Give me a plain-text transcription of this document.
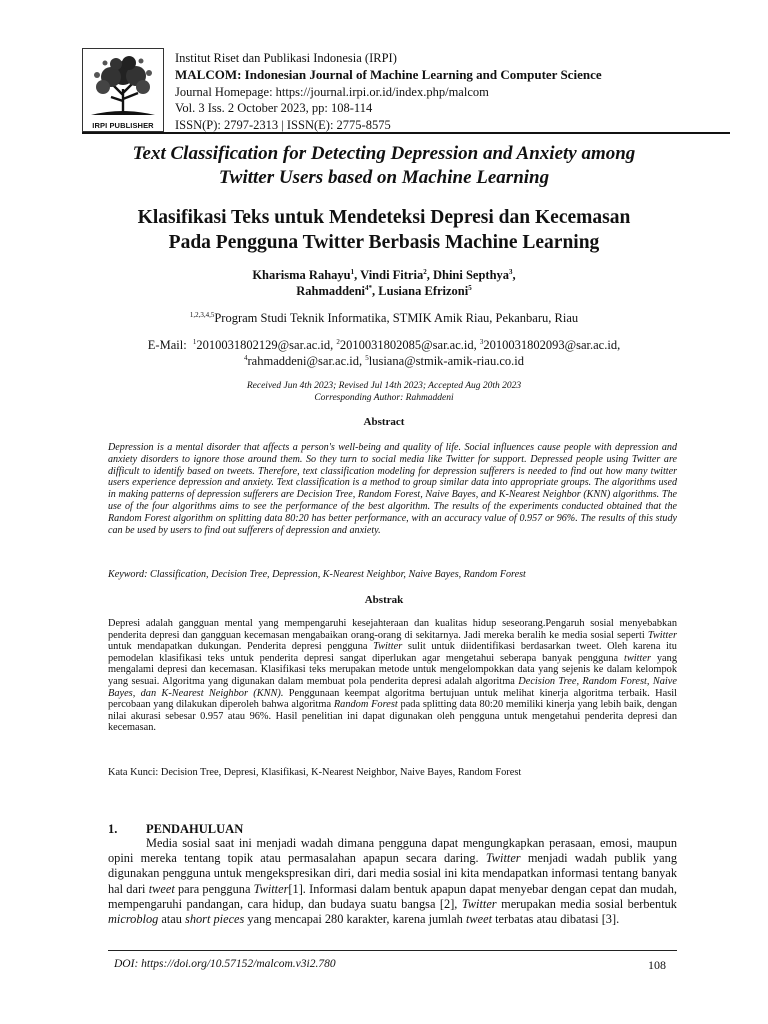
IRPI PUBLISHER
Institut Riset dan Publikasi Indonesia (IRPI)
MALCOM: Indonesian Journal of Machine Learning and Computer Science
Journal Homepage: https://journal.irpi.or.id/index.php/malcom
Vol. 3 Iss. 2 October 2023, pp: 108-114
ISSN(P): 2797-2313 | ISSN(E): 2775-8575
Text Classification for Detecting Depression and Anxiety among
Twitter Users based on Machine Learning
Klasifikasi Teks untuk Mendeteksi Depresi dan Kecemasan
Pada Pengguna Twitter Berbasis Machine Learning
Kharisma Rahayu$^1$, Vindi Fitria$^2$, Dhini Septhya$^3$,
Rahmaddeni$^{4*}$, Lusiana Efrizoni$^5$
$^{1,2,3,4,5}$Program Studi Teknik Informatika, STMIK Amik Riau, Pekanbaru, Riau
E-Mail: $^1$2010031802129@sar.ac.id, $^2$2010031802085@sar.ac.id, $^3$2010031802093@sar.ac.id,
$^4$rahmaddeni@sar.ac.id, $^5$lusiana@stmik-amik-riau.co.id
Received Jun 4th 2023; Revised Jul 14th 2023; Accepted Aug 20th 2023
Corresponding Author: Rahmaddeni
Abstract
Depression is a mental disorder that affects a person's well-being and quality of life. Social influences cause people with depression and anxiety disorders to ignore those around them. So they turn to social media like Twitter for support. Depressed people using Twitter are difficult to identify based on tweets. Therefore, text classification modeling for depression sufferers is needed to find out how many twitter users experience depression and anxiety. Text classification is a method to group similar data into appropriate groups. The algorithms used in making patterns of depression sufferers are Decision Tree, Random Forest, Naive Bayes, and K-Nearest Neighbor (KNN) algorithms. The use of the four algorithms aims to see the performance of the best algorithm. The results of the experiments conducted obtained that the Random Forest algorithm on splitting data 80:20 has better performance, with an accuracy value of 0.957 or 96%. The results of this study can be used by users to find out sufferers of depression and anxiety.
Keyword: Classification, Decision Tree, Depression, K-Nearest Neighbor, Naive Bayes, Random Forest
Abstrak
Depresi adalah gangguan mental yang mempengaruhi kesejahteraan dan kualitas hidup seseorang.Pengaruh sosial menyebabkan penderita depresi dan gangguan kecemasan mengabaikan orang-orang di sekitarnya. Jadi mereka beralih ke media sosial seperti Twitter untuk mendapatkan dukungan. Penderita depresi pengguna Twitter sulit untuk diidentifikasi berdasarkan tweet. Oleh karena itu pemodelan klasifikasi teks untuk penderita depresi sangat diperlukan agar mengetahui seberapa banyak pengguna twitter yang mengalami depresi dan kecemasan. Klasifikasi teks merupakan metode untuk mengelompokkan data yang sejenis ke dalam kelompok yang sesuai. Algoritma yang digunakan dalam membuat pola penderita depresi adalah algoritma Decision Tree, Random Forest, Naive Bayes, dan K-Nearest Neighbor (KNN). Penggunaan keempat algoritma bertujuan untuk melihat kinerja algoritma terbaik. Hasil percobaan yang dilakukan diperoleh bahwa algoritma Random Forest pada splitting data 80:20 memiliki kinerja yang lebih baik, dengan nilai akurasi sebesar 0.957 atau 96%. Hasil penelitian ini dapat digunakan oleh pengguna untuk mengetahui penderita depresi dan kecemasan.
Kata Kunci: Decision Tree, Depresi, Klasifikasi, K-Nearest Neighbor, Naive Bayes, Random Forest
1. PENDAHULUAN
Media sosial saat ini menjadi wadah dimana pengguna dapat mengungkapkan perasaan, emosi, maupun opini mereka tentang topik atau permasalahan apapun secara daring. Twitter menjadi wadah publik yang digunakan pengguna untuk mengekspresikan diri, dari media sosial ini kita mendapatkan informasi tentang banyak hal dari tweet para pengguna Twitter[1]. Informasi dalam bentuk apapun dapat menyebar dengan cepat dan mudah, mempengaruhi pandangan, cara hidup, dan budaya suatu bangsa [2], Twitter merupakan media sosial berbentuk microblog atau short pieces yang mencapai 280 karakter, karena jumlah tweet terbatas atau dibatasi [3].
DOI: https://doi.org/10.57152/malcom.v3i2.780	108
